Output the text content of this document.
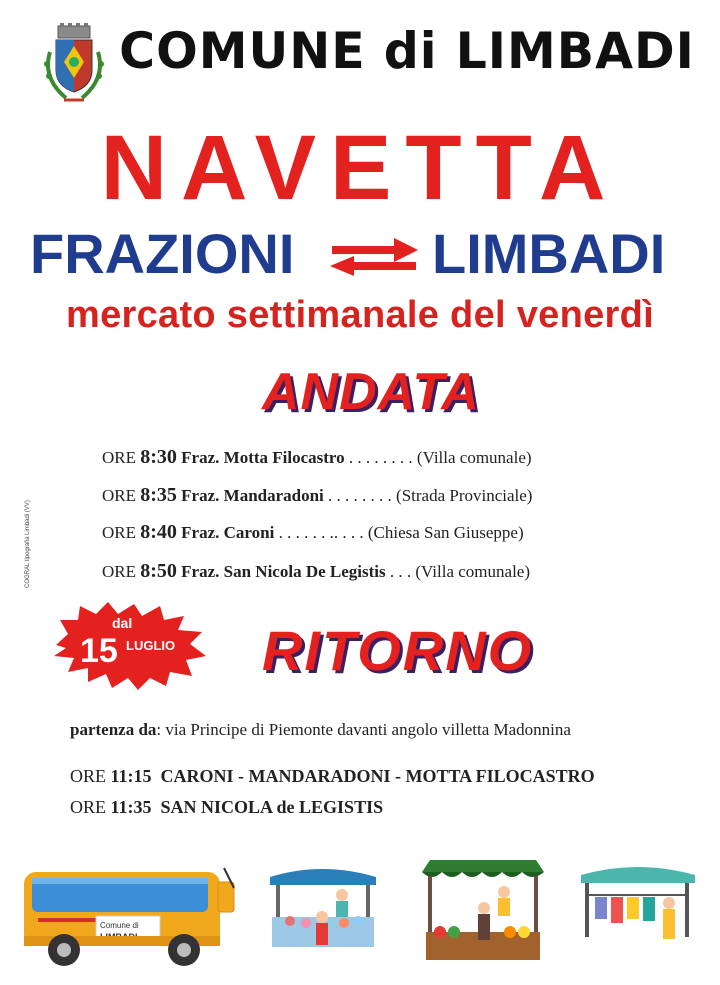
COMUNE di LIMBADI
NAVETTA
FRAZIONI LIMBADI
mercato settimanale del venerdì
ANDATA
ORE 8:30 Fraz. Motta Filocastro . . . . . . . . (Villa comunale)
ORE 8:35 Fraz. Mandaradoni . . . . . . . . (Strada Provinciale)
ORE 8:40 Fraz. Caroni . . . . . . .. . . . (Chiesa San Giuseppe)
ORE 8:50 Fraz. San Nicola De Legistis . . . (Villa comunale)
COGRAL tipografia Limbadi (VV)
dal
15 LUGLIO RITORNO
partenza da: via Principe di Piemonte davanti angolo villetta Madonnina
ORE 11:15 CARONI - MANDARADONI - MOTTA FILOCASTRO
ORE 11:35 SAN NICOLA de LEGISTIS
Comune di
